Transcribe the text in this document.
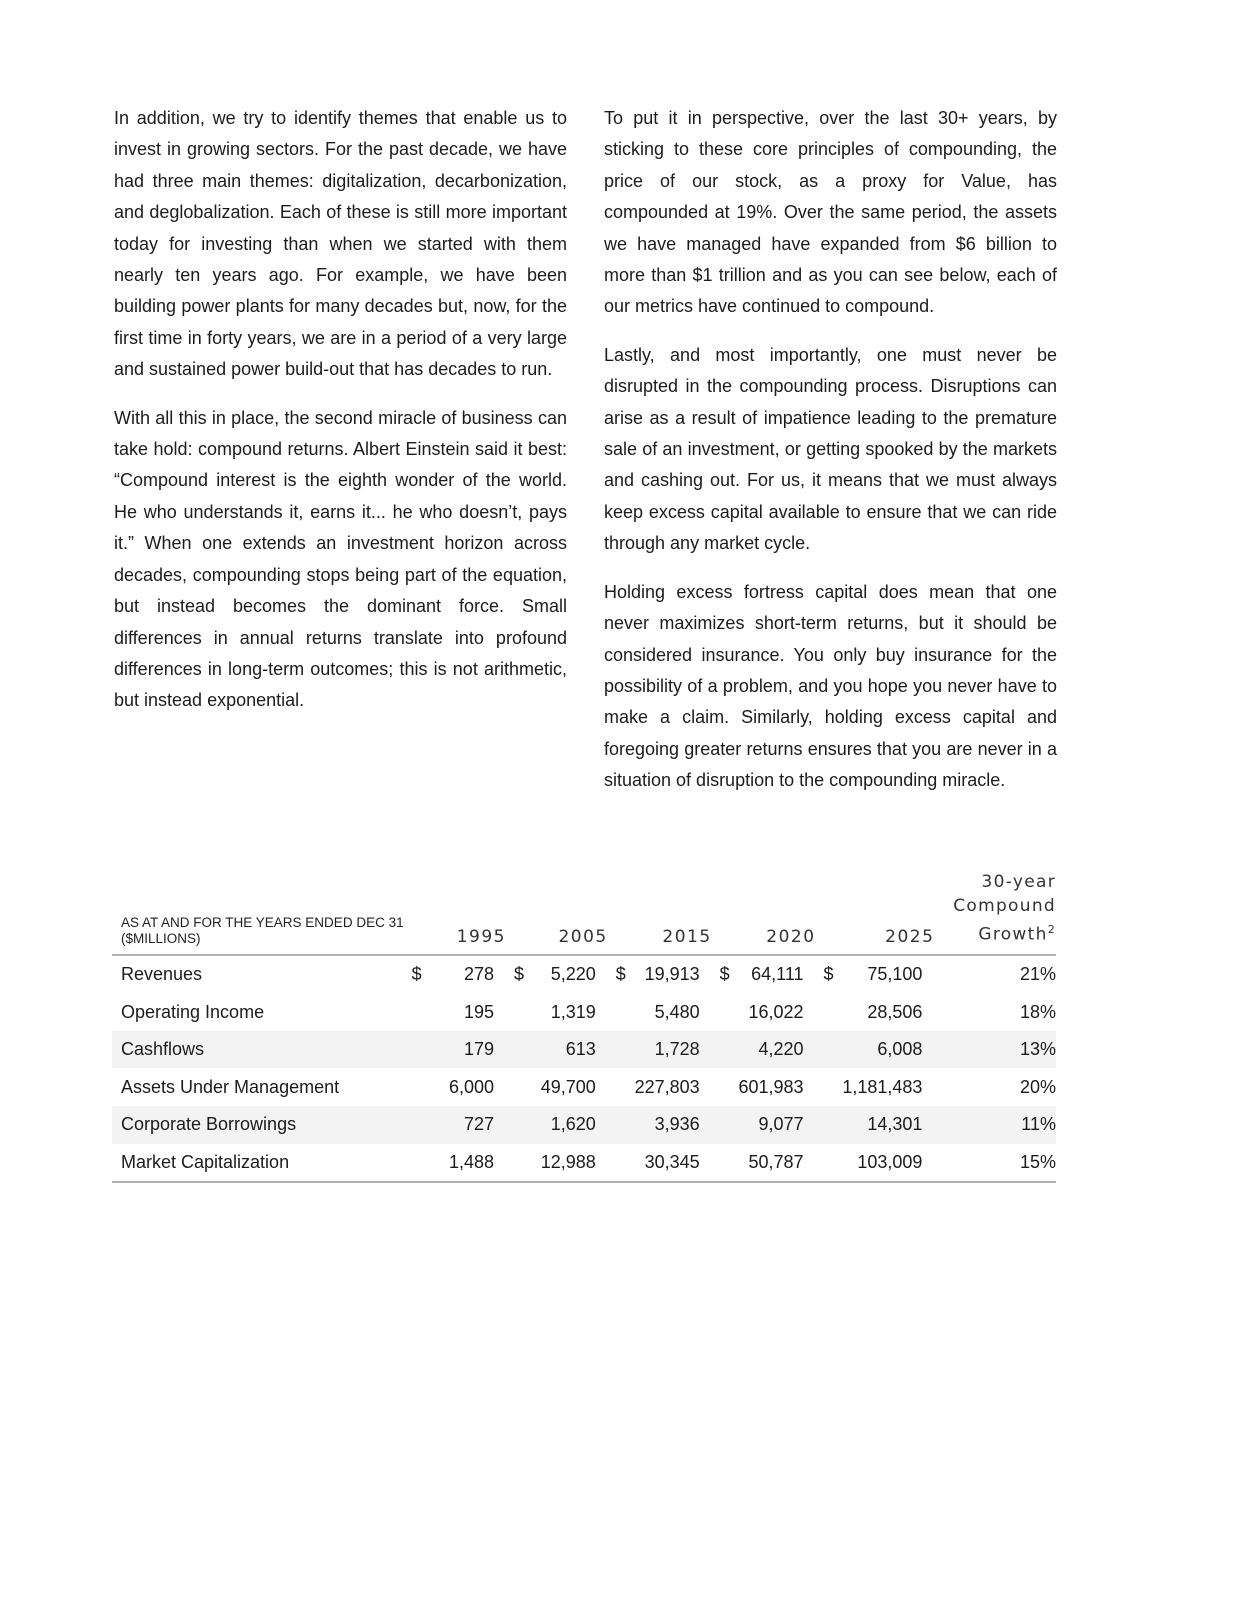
In addition, we try to identify themes that enable us to invest in growing sectors. For the past decade, we have had three main themes: digitalization, decarbonization, and deglobalization. Each of these is still more important today for investing than when we started with them nearly ten years ago. For example, we have been building power plants for many decades but, now, for the first time in forty years, we are in a period of a very large and sustained power build-out that has decades to run.

With all this in place, the second miracle of business can take hold: compound returns. Albert Einstein said it best: “Compound interest is the eighth wonder of the world. He who understands it, earns it... he who doesn’t, pays it.” When one extends an investment horizon across decades, compounding stops being part of the equation, but instead becomes the dominant force. Small differences in annual returns translate into profound differences in long-term outcomes; this is not arithmetic, but instead exponential.

To put it in perspective, over the last 30+ years, by sticking to these core principles of compounding, the price of our stock, as a proxy for Value, has compounded at 19%. Over the same period, the assets we have managed have expanded from $6 billion to more than $1 trillion and as you can see below, each of our metrics have continued to compound.

Lastly, and most importantly, one must never be disrupted in the compounding process. Disruptions can arise as a result of impatience leading to the premature sale of an investment, or getting spooked by the markets and cashing out. For us, it means that we must always keep excess capital available to ensure that we can ride through any market cycle.

Holding excess fortress capital does mean that one never maximizes short-term returns, but it should be considered insurance. You only buy insurance for the possibility of a problem, and you hope you never have to make a claim. Similarly, holding excess capital and foregoing greater returns ensures that you are never in a situation of disruption to the compounding miracle.

AS AT AND FOR THE YEARS ENDED DEC 31
($MILLIONS)	1995		2005		2015		2020		2025		30-year
Compound
Growth$^2$
Revenues	$	278	$	5,220	$	19,913	$	64,111	$	75,100	21%
Operating Income		195		1,319		5,480		16,022		28,506	18%
Cashflows		179		613		1,728		4,220		6,008	13%
Assets Under Management		6,000		49,700		227,803		601,983		1,181,483	20%
Corporate Borrowings		727		1,620		3,936		9,077		14,301	11%
Market Capitalization		1,488		12,988		30,345		50,787		103,009	15%
